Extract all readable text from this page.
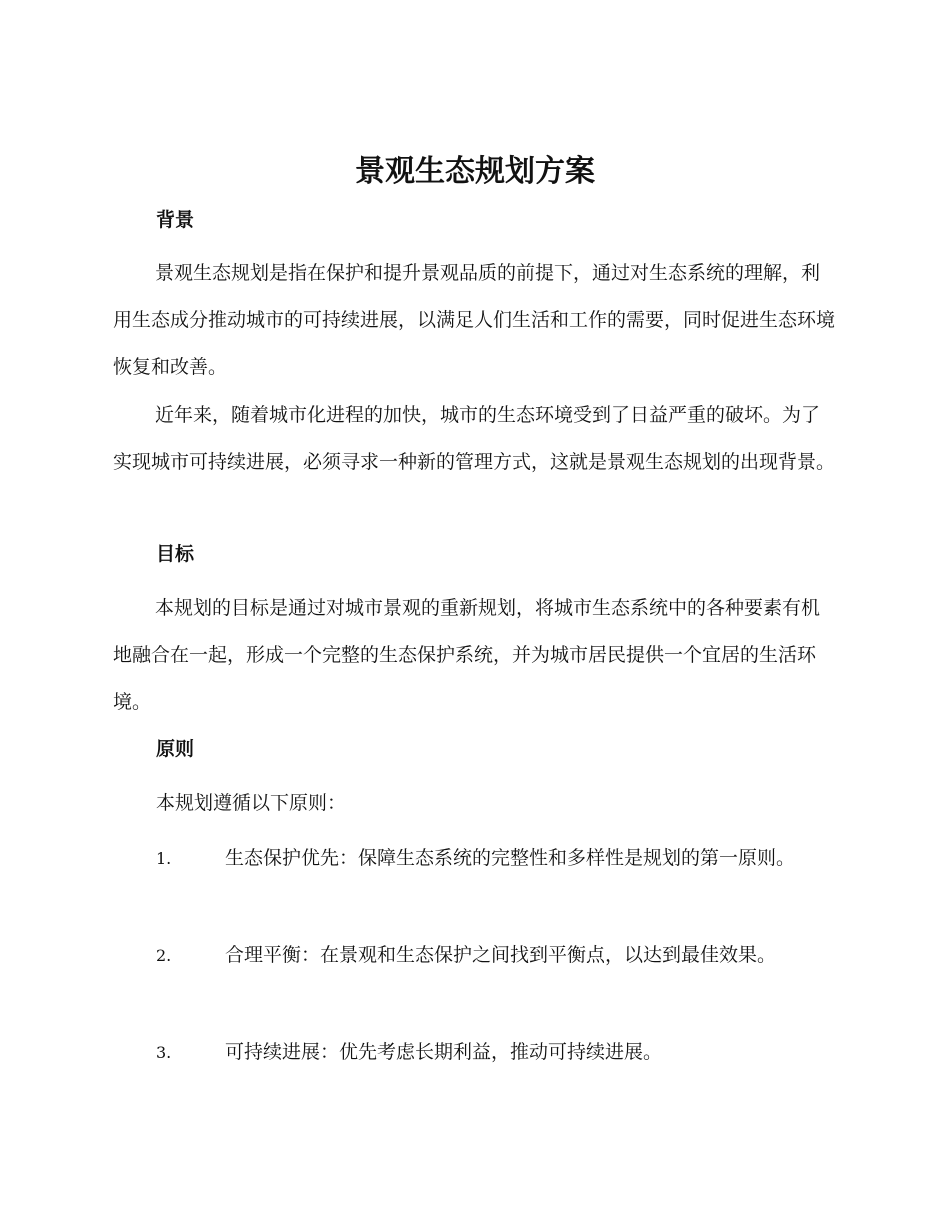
景观生态规划方案
背景

景观生态规划是指在保护和提升景观品质的前提下，通过对生态系统的理解，利用生态成分推动城市的可持续进展，以满足人们生活和工作的需要，同时促进生态环境恢复和改善。

近年来，随着城市化进程的加快，城市的生态环境受到了日益严重的破坏。为了实现城市可持续进展，必须寻求一种新的管理方式，这就是景观生态规划的出现背景。

目标

本规划的目标是通过对城市景观的重新规划，将城市生态系统中的各种要素有机地融合在一起，形成一个完整的生态保护系统，并为城市居民提供一个宜居的生活环境。

原则

本规划遵循以下原则：

1.	生态保护优先：保障生态系统的完整性和多样性是规划的第一原则。
2.	合理平衡：在景观和生态保护之间找到平衡点，以达到最佳效果。
3.	可持续进展：优先考虑长期利益，推动可持续进展。
